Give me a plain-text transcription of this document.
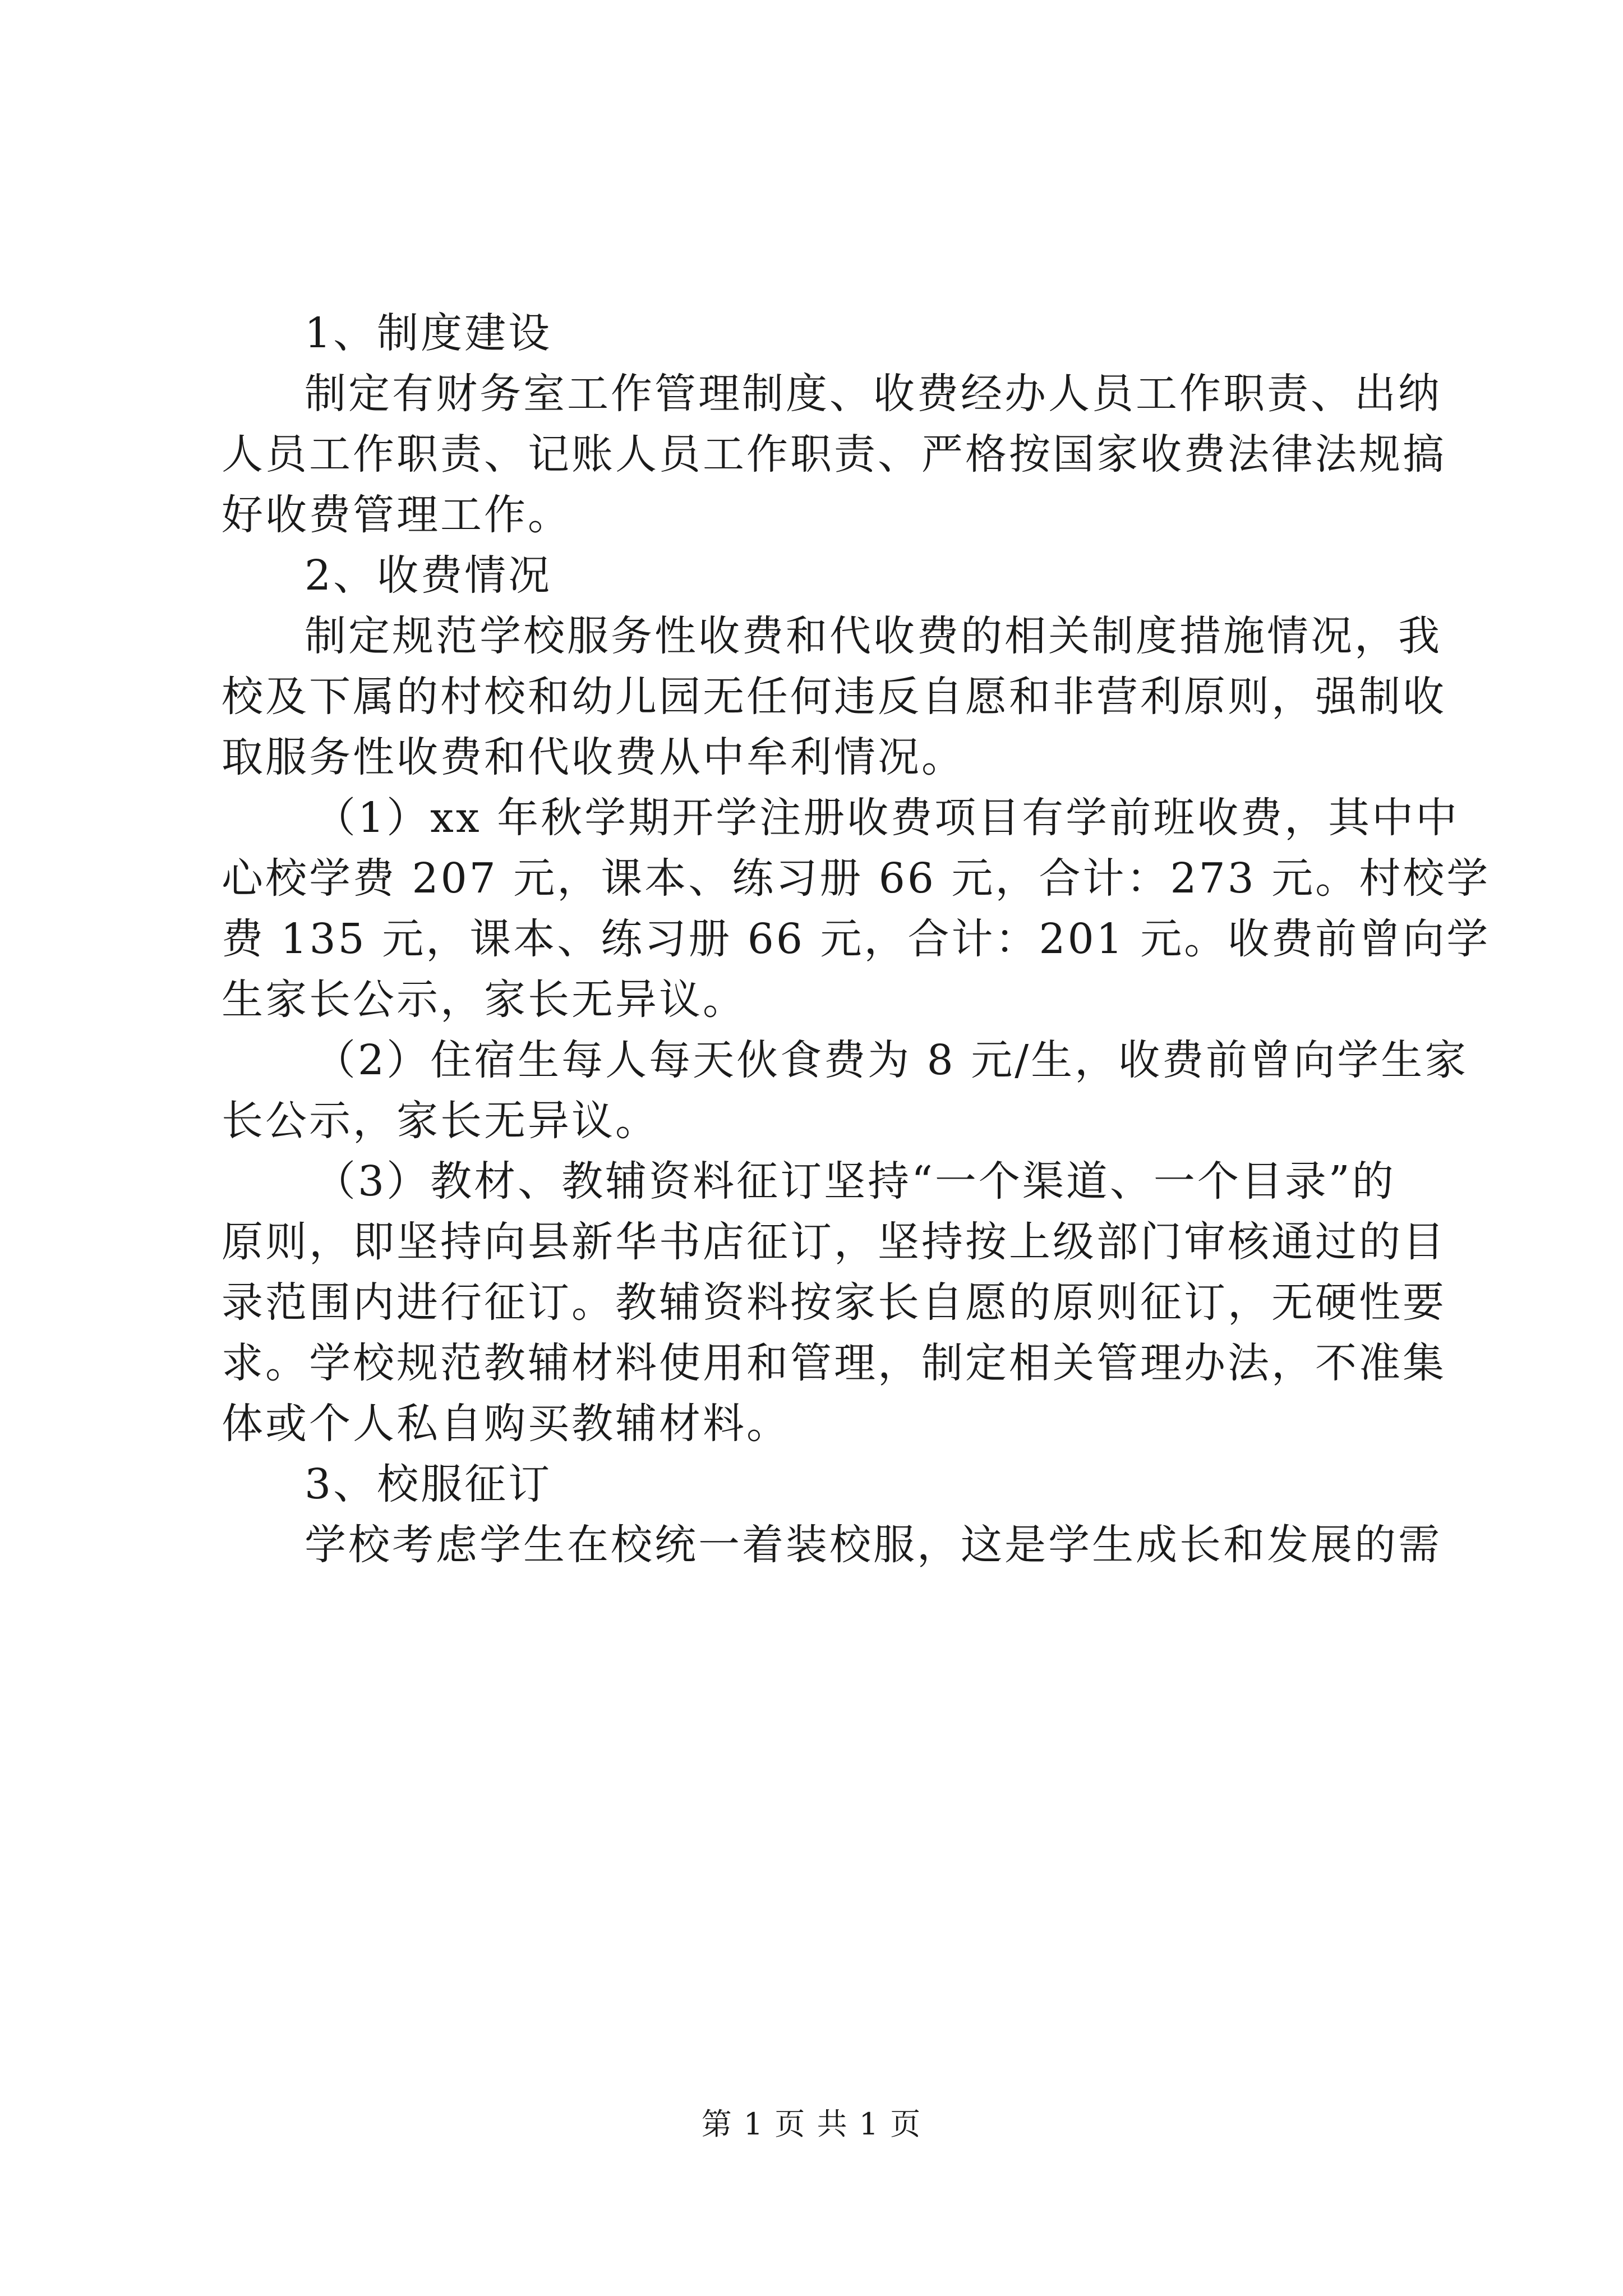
1、制度建设
制定有财务室工作管理制度、收费经办人员工作职责、出纳
人员工作职责、记账人员工作职责、严格按国家收费法律法规搞
好收费管理工作。
2、收费情况
制定规范学校服务性收费和代收费的相关制度措施情况，我
校及下属的村校和幼儿园无任何违反自愿和非营利原则，强制收
取服务性收费和代收费从中牟利情况。
（1）xx 年秋学期开学注册收费项目有学前班收费，其中中
心校学费 207 元，课本、练习册 66 元，合计：273 元。村校学
费 135 元，课本、练习册 66 元，合计：201 元。收费前曾向学
生家长公示，家长无异议。
（2）住宿生每人每天伙食费为 8 元/生，收费前曾向学生家
长公示，家长无异议。
（3）教材、教辅资料征订坚持“一个渠道、一个目录”的
原则，即坚持向县新华书店征订，坚持按上级部门审核通过的目
录范围内进行征订。教辅资料按家长自愿的原则征订，无硬性要
求。学校规范教辅材料使用和管理，制定相关管理办法，不准集
体或个人私自购买教辅材料。
3、校服征订
学校考虑学生在校统一着装校服，这是学生成长和发展的需
第 1 页 共 1 页
